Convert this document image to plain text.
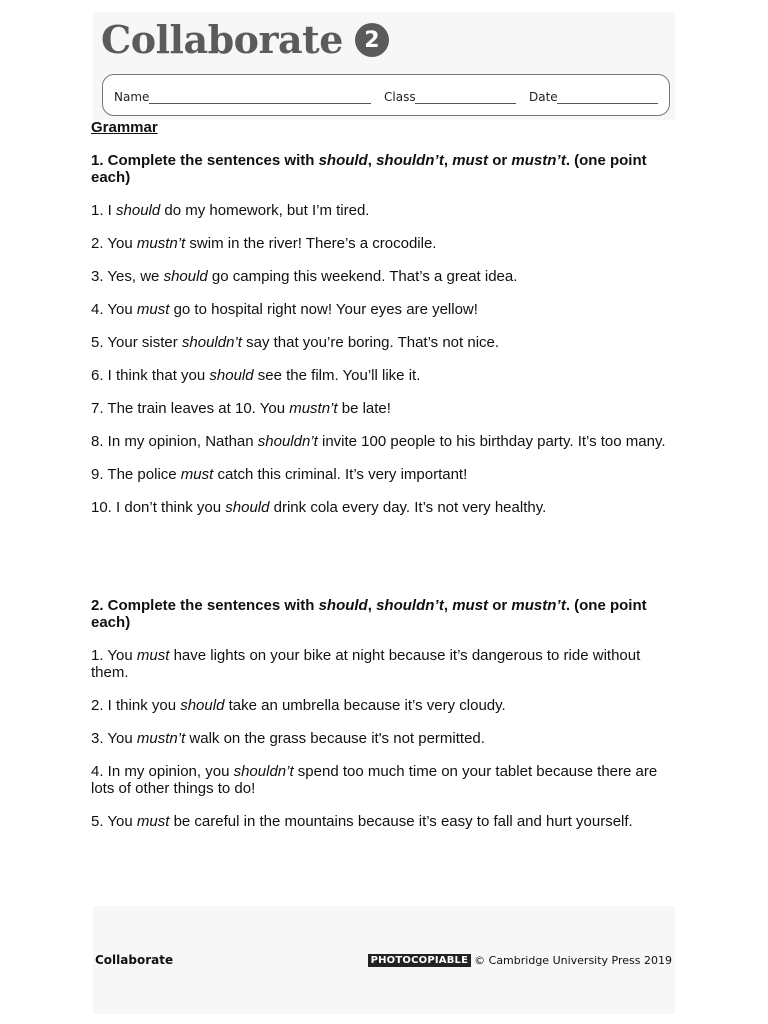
Collaborate 2
Name	Class	Date
Grammar
1. Complete the sentences with should, shouldn’t, must or mustn’t. (one point each)
1. I should do my homework, but I’m tired.
2. You mustn’t swim in the river! There’s a crocodile.
3. Yes, we should go camping this weekend. That’s a great idea.
4. You must go to hospital right now! Your eyes are yellow!
5. Your sister shouldn’t say that you’re boring. That’s not nice.
6. I think that you should see the film. You’ll like it.
7. The train leaves at 10. You mustn’t be late!
8. In my opinion, Nathan shouldn’t invite 100 people to his birthday party. It’s too many.
9. The police must catch this criminal. It’s very important!
10. I don’t think you should drink cola every day. It’s not very healthy.
2. Complete the sentences with should, shouldn’t, must or mustn’t. (one point each)
1. You must have lights on your bike at night because it’s dangerous to ride without them.
2. I think you should take an umbrella because it’s very cloudy.
3. You mustn’t walk on the grass because it's not permitted.
4. In my opinion, you shouldn’t spend too much time on your tablet because there are lots of other things to do!
5. You must be careful in the mountains because it’s easy to fall and hurt yourself.
Collaborate	PHOTOCOPIABLE © Cambridge University Press 2019
